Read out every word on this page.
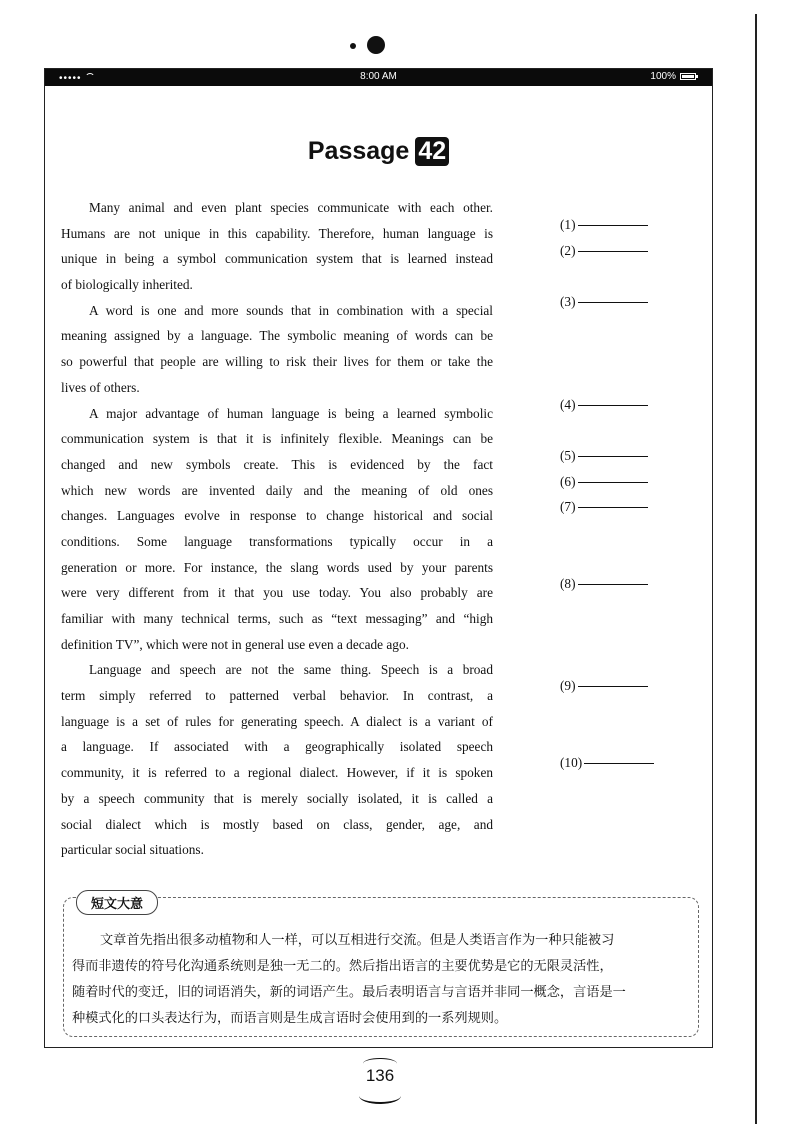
•••••	8:00 AM	100%
Passage 42
Many animal and even plant species communicate with each other.
Humans are not unique in this capability. Therefore, human language is
unique in being a symbol communication system that is learned instead
of biologically inherited.
A word is one and more sounds that in combination with a special
meaning assigned by a language. The symbolic meaning of words can be
so powerful that people are willing to risk their lives for them or take the
lives of others.
A major advantage of human language is being a learned symbolic
communication system is that it is infinitely flexible. Meanings can be
changed and new symbols create. This is evidenced by the fact
which new words are invented daily and the meaning of old ones
changes. Languages evolve in response to change historical and social
conditions. Some language transformations typically occur in a
generation or more. For instance, the slang words used by your parents
were very different from it that you use today. You also probably are
familiar with many technical terms, such as “text messaging” and “high
definition TV”, which were not in general use even a decade ago.
Language and speech are not the same thing. Speech is a broad
term simply referred to patterned verbal behavior. In contrast, a
language is a set of rules for generating speech. A dialect is a variant of
a language. If associated with a geographically isolated speech
community, it is referred to a regional dialect. However, if it is spoken
by a speech community that is merely socially isolated, it is called a
social dialect which is mostly based on class, gender, age, and
particular social situations.
(1)
(2)
(3)
(4)
(5)
(6)
(7)
(8)
(9)
(10)
短文大意
文章首先指出很多动植物和人一样，可以互相进行交流。但是人类语言作为一种只能被习
得而非遗传的符号化沟通系统则是独一无二的。然后指出语言的主要优势是它的无限灵活性，
随着时代的变迁，旧的词语消失，新的词语产生。最后表明语言与言语并非同一概念，言语是一
种模式化的口头表达行为，而语言则是生成言语时会使用到的一系列规则。
136
